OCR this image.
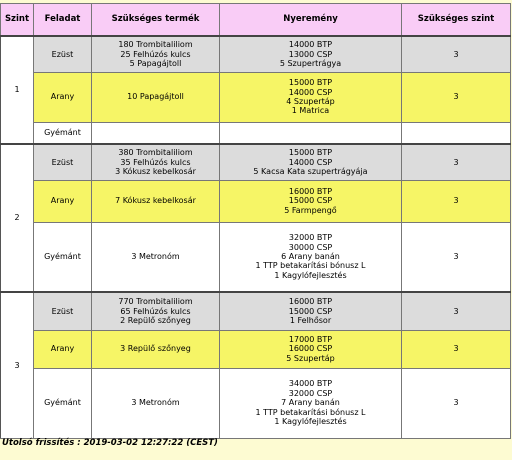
Szint	Feladat	Szükséges termék	Nyeremény	Szükséges szint
1	Ezüst	180 Trombitaliliom
25 Felhúzós kulcs
5 Papagájtoll	14000 BTP
13000 CSP
5 Szupertrágya	3
	Arany	10 Papagájtoll	15000 BTP
14000 CSP
4 Szupertáp
1 Matrica	3
	Gyémánt			
2	Ezüst	380 Trombitaliliom
35 Felhúzós kulcs
3 Kókusz kebelkosár	15000 BTP
14000 CSP
5 Kacsa Kata szupertrágyája	3
	Arany	7 Kókusz kebelkosár	16000 BTP
15000 CSP
5 Farmpengő	3
	Gyémánt	3 Metronóm	32000 BTP
30000 CSP
6 Arany banán
1 TTP betakarítási bónusz L
1 Kagylófejlesztés	3
3	Ezüst	770 Trombitaliliom
65 Felhúzós kulcs
2 Repülő szőnyeg	16000 BTP
15000 CSP
1 Felhősor	3
	Arany	3 Repülő szőnyeg	17000 BTP
16000 CSP
5 Szupertáp	3
	Gyémánt	3 Metronóm	34000 BTP
32000 CSP
7 Arany banán
1 TTP betakarítási bónusz L
1 Kagylófejlesztés	3
Utolsó frissítés : 2019-03-02 12:27:22 (CEST)
